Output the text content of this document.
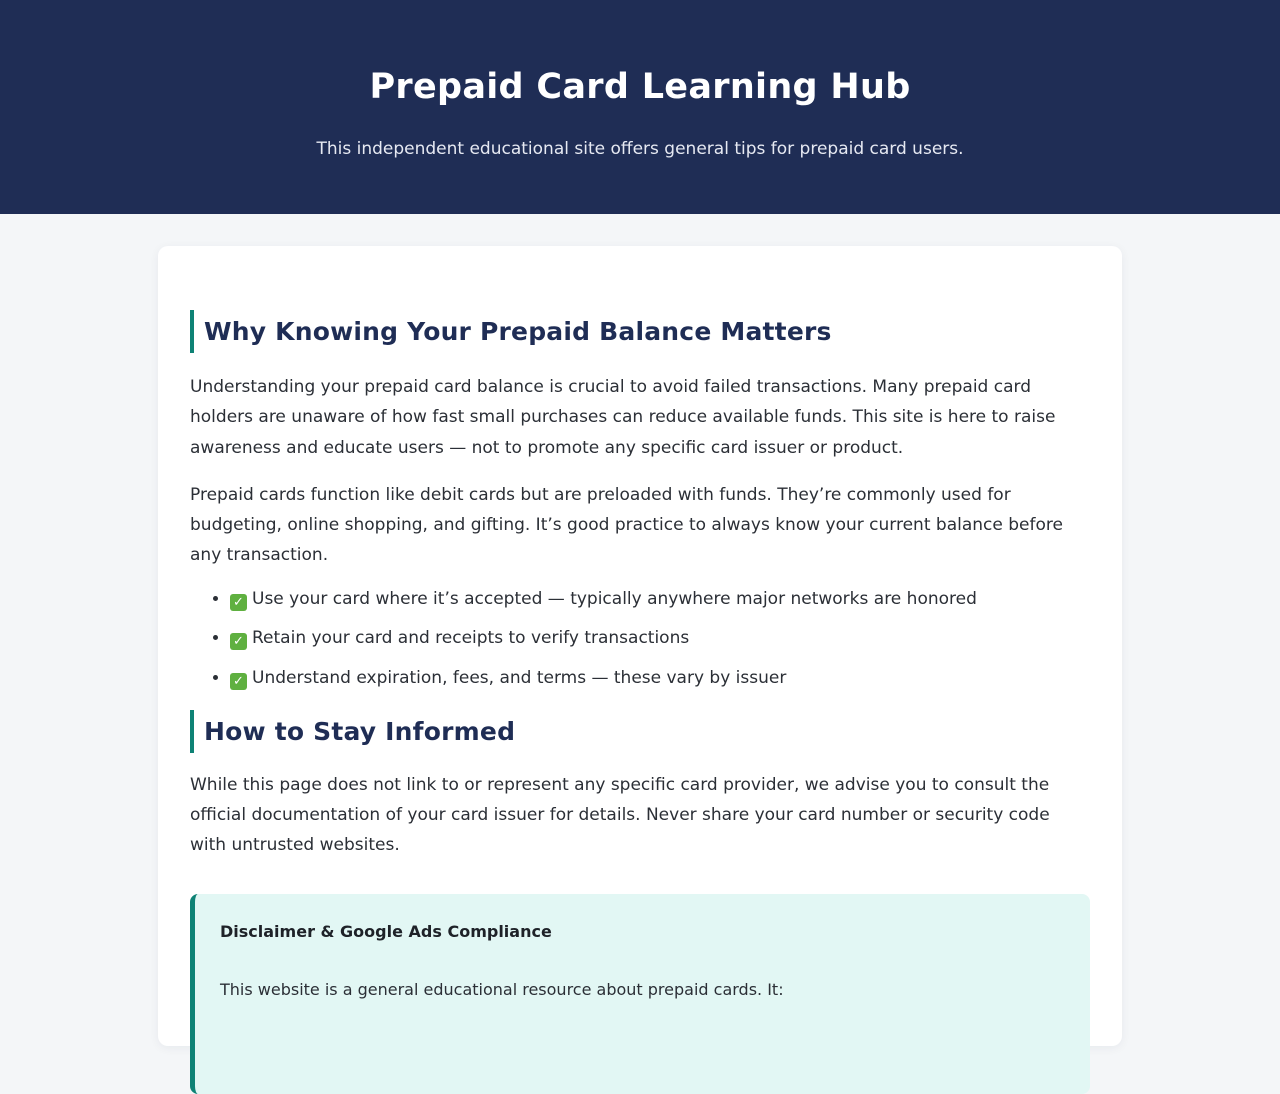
Prepaid Card Learning Hub

This independent educational site offers general tips for prepaid card users.

Why Knowing Your Prepaid Balance Matters

Understanding your prepaid card balance is crucial to avoid failed transactions. Many prepaid card holders are unaware of how fast small purchases can reduce available funds. This site is here to raise awareness and educate users — not to promote any specific card issuer or product.

Prepaid cards function like debit cards but are preloaded with funds. They’re commonly used for budgeting, online shopping, and gifting. It’s good practice to always know your current balance before any transaction.

• ✓ Use your card where it’s accepted — typically anywhere major networks are honored
• ✓ Retain your card and receipts to verify transactions
• ✓ Understand expiration, fees, and terms — these vary by issuer
How to Stay Informed

While this page does not link to or represent any specific card provider, we advise you to consult the official documentation of your card issuer for details. Never share your card number or security code with untrusted websites.

Disclaimer & Google Ads Compliance

This website is a general educational resource about prepaid cards. It:
